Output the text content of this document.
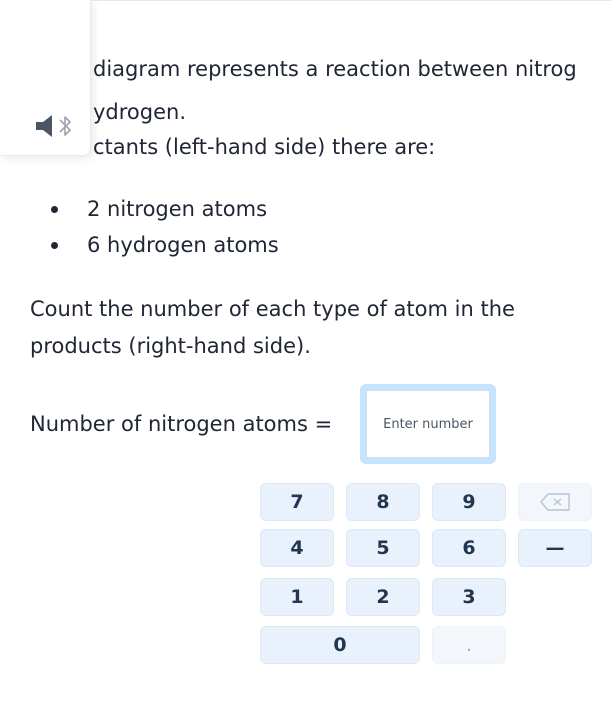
diagram represents a reaction between nitrog
ydrogen.
ctants (left-hand side) there are:
2 nitrogen atoms
6 hydrogen atoms
Count the number of each type of atom in the
products (right-hand side).
Number of nitrogen atoms =
Enter number
7	8	9
4	5	6	—
1	2	3
0	.
